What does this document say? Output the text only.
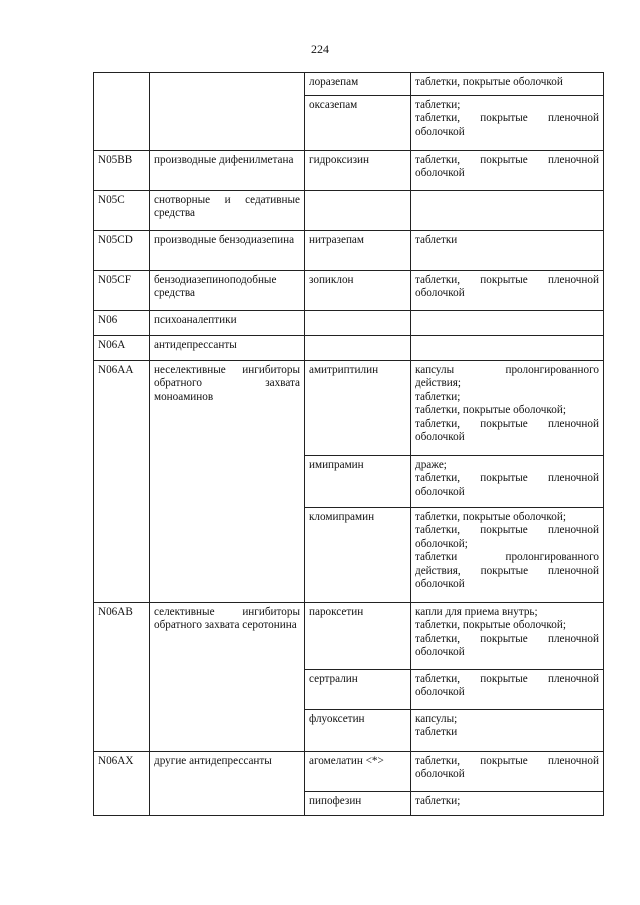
224
		лоразепам	таблетки, покрытые оболочкой

		оксазепам	таблетки;
таблетки, покрытые пленочной оболочкой

N05BB	производные дифенилметана	гидроксизин	таблетки, покрытые пленочной оболочкой
N05C	снотворные и седативные средства		
N05CD	производные бензодиазепина	нитразепам	таблетки
N05CF	бензодиазепиноподобные средства	зопиклон	таблетки, покрытые пленочной оболочкой
N06	психоаналептики		
N06A	антидепрессанты		
N06AA	неселективные ингибиторы обратного захвата моноаминов	амитриптилин	капсулы пролонгированного действия;
таблетки;
таблетки, покрытые оболочкой;
таблетки, покрытые пленочной оболочкой

		имипрамин	драже;
таблетки, покрытые пленочной оболочкой

		кломипрамин	таблетки, покрытые оболочкой;
таблетки, покрытые пленочной оболочкой;
таблетки пролонгированного действия, покрытые пленочной оболочкой

N06AB	селективные ингибиторы обратного захвата серотонина	пароксетин	капли для приема внутрь;
таблетки, покрытые оболочкой;
таблетки, покрытые пленочной оболочкой

		сертралин	таблетки, покрытые пленочной оболочкой
		флуоксетин	капсулы;
таблетки

N06AX	другие антидепрессанты	агомелатин <*>	таблетки, покрытые пленочной оболочкой
		пипофезин	таблетки;
